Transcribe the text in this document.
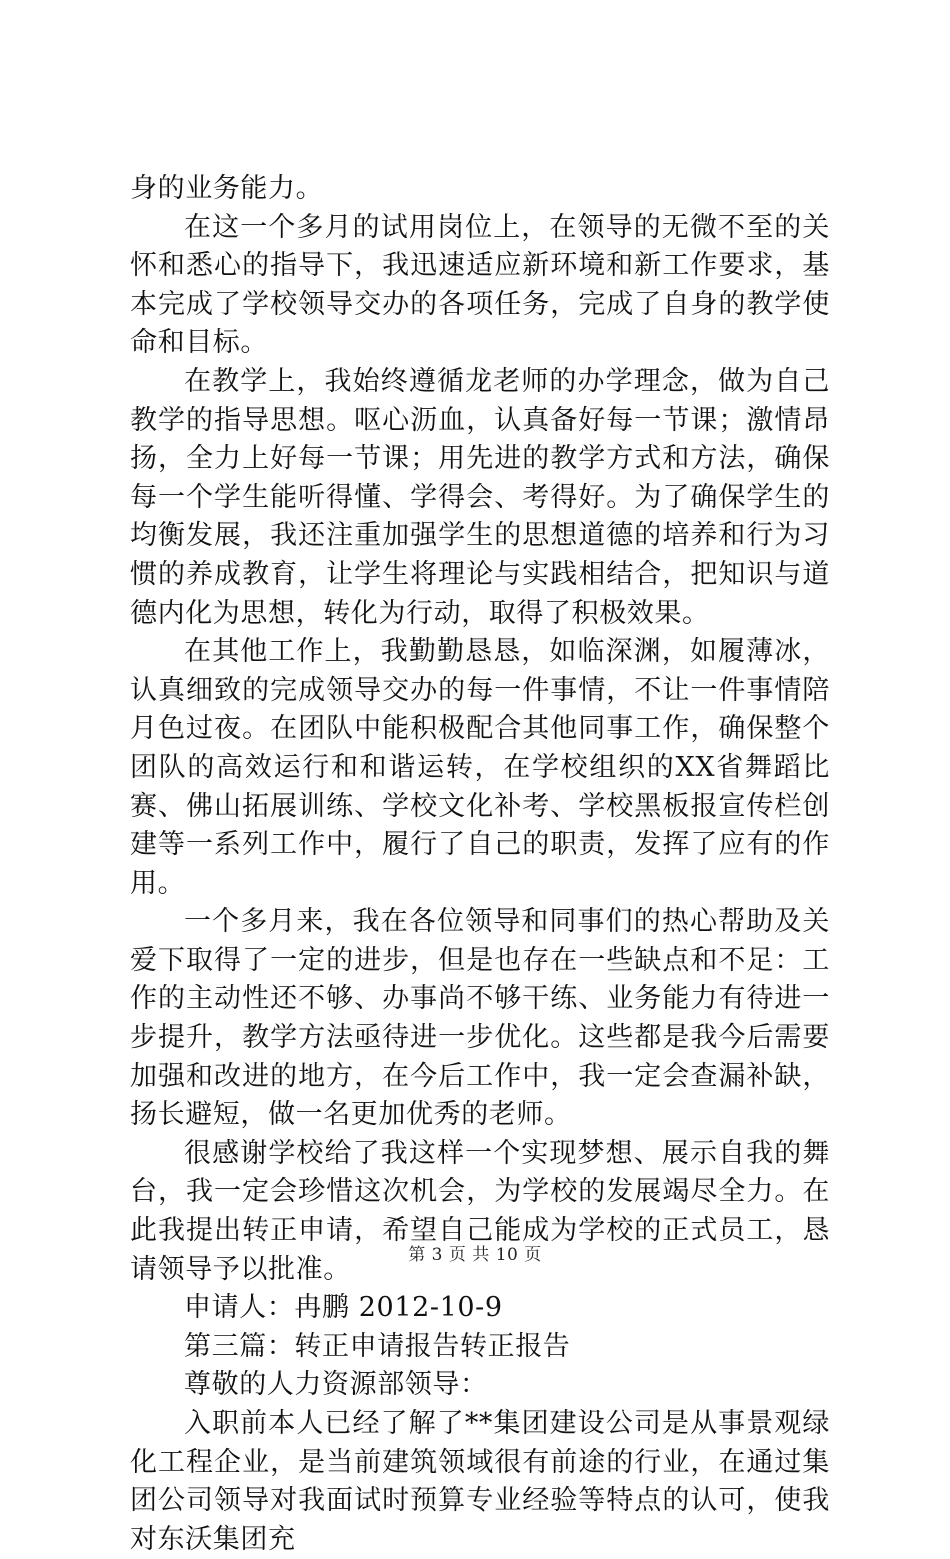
身的业务能力。

在这一个多月的试用岗位上，在领导的无微不至的关怀和悉心的指导下，我迅速适应新环境和新工作要求，基本完成了学校领导交办的各项任务，完成了自身的教学使命和目标。

在教学上，我始终遵循龙老师的办学理念，做为自己教学的指导思想。呕心沥血，认真备好每一节课；激情昂扬，全力上好每一节课；用先进的教学方式和方法，确保每一个学生能听得懂、学得会、考得好。为了确保学生的均衡发展，我还注重加强学生的思想道德的培养和行为习惯的养成教育，让学生将理论与实践相结合，把知识与道德内化为思想，转化为行动，取得了积极效果。

在其他工作上，我勤勤恳恳，如临深渊，如履薄冰，认真细致的完成领导交办的每一件事情，不让一件事情陪月色过夜。在团队中能积极配合其他同事工作，确保整个团队的高效运行和和谐运转，在学校组织的XX省舞蹈比赛、佛山拓展训练、学校文化补考、学校黑板报宣传栏创建等一系列工作中，履行了自己的职责，发挥了应有的作用。

一个多月来，我在各位领导和同事们的热心帮助及关爱下取得了一定的进步，但是也存在一些缺点和不足：工作的主动性还不够、办事尚不够干练、业务能力有待进一步提升，教学方法亟待进一步优化。这些都是我今后需要加强和改进的地方，在今后工作中，我一定会查漏补缺，扬长避短，做一名更加优秀的老师。

很感谢学校给了我这样一个实现梦想、展示自我的舞台，我一定会珍惜这次机会，为学校的发展竭尽全力。在此我提出转正申请，希望自己能成为学校的正式员工，恳请领导予以批准。

申请人：冉鹏 2012-10-9

第三篇：转正申请报告转正报告

尊敬的人力资源部领导：

入职前本人已经了解了**集团建设公司是从事景观绿化工程企业，是当前建筑领域很有前途的行业，在通过集团公司领导对我面试时预算专业经验等特点的认可，使我对东沃集团充

第 3 页 共 10 页
